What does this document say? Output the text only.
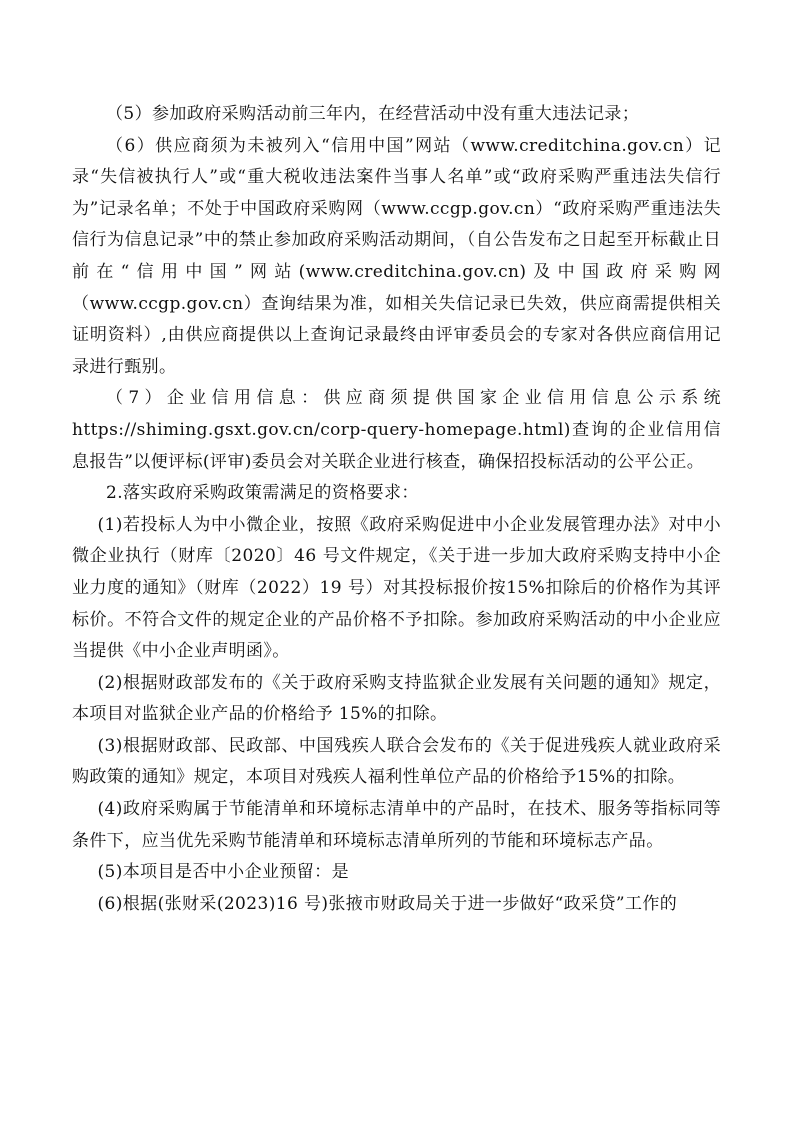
（5）参加政府采购活动前三年内，在经营活动中没有重大违法记录；

（6）供应商须为未被列入“信用中国”网站（www.creditchina.gov.cn）记录“失信被执行人”或“重大税收违法案件当事人名单”或“政府采购严重违法失信行为”记录名单；不处于中国政府采购网（www.ccgp.gov.cn）“政府采购严重违法失信行为信息记录”中的禁止参加政府采购活动期间，（自公告发布之日起至开标截止日前在“信用中国”网站(www.creditchina.gov.cn)及中国政府采购网（www.ccgp.gov.cn）查询结果为准，如相关失信记录已失效，供应商需提供相关证明资料）,由供应商提供以上查询记录最终由评审委员会的专家对各供应商信用记录进行甄别。

（7）企业信用信息：供应商须提供国家企业信用信息公示系统https://shiming.gsxt.gov.cn/corp-query-homepage.html)查询的企业信用信息报告”以便评标(评审)委员会对关联企业进行核查，确保招投标活动的公平公正。

2.落实政府采购政策需满足的资格要求：

(1)若投标人为中小微企业，按照《政府采购促进中小企业发展管理办法》对中小微企业执行（财库〔2020〕46 号文件规定，《关于进一步加大政府采购支持中小企业力度的通知》（财库（2022）19 号）对其投标报价按15%扣除后的价格作为其评标价。不符合文件的规定企业的产品价格不予扣除。参加政府采购活动的中小企业应当提供《中小企业声明函》。

(2)根据财政部发布的《关于政府采购支持监狱企业发展有关问题的通知》规定，本项目对监狱企业产品的价格给予 15%的扣除。

(3)根据财政部、民政部、中国残疾人联合会发布的《关于促进残疾人就业政府采购政策的通知》规定，本项目对残疾人福利性单位产品的价格给予15%的扣除。

(4)政府采购属于节能清单和环境标志清单中的产品时，在技术、服务等指标同等条件下，应当优先采购节能清单和环境标志清单所列的节能和环境标志产品。

(5)本项目是否中小企业预留：是

(6)根据(张财采(2023)16 号)张掖市财政局关于进一步做好“政采贷”工作的
